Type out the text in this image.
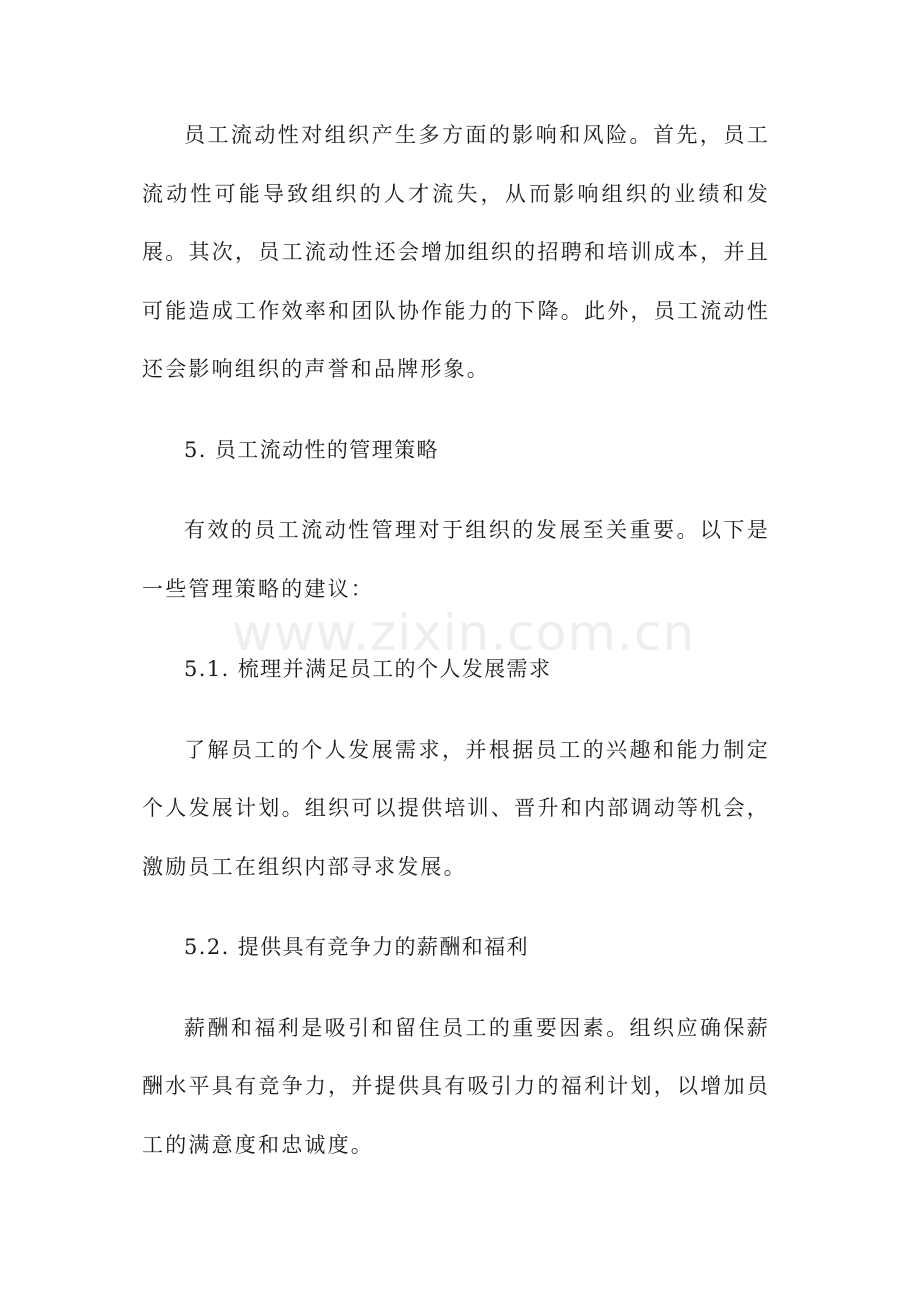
员工流动性对组织产生多方面的影响和风险。首先，员工流动性可能导致组织的人才流失，从而影响组织的业绩和发展。其次，员工流动性还会增加组织的招聘和培训成本，并且可能造成工作效率和团队协作能力的下降。此外，员工流动性还会影响组织的声誉和品牌形象。

5. 员工流动性的管理策略

有效的员工流动性管理对于组织的发展至关重要。以下是一些管理策略的建议：

5.1. 梳理并满足员工的个人发展需求

了解员工的个人发展需求，并根据员工的兴趣和能力制定个人发展计划。组织可以提供培训、晋升和内部调动等机会，激励员工在组织内部寻求发展。

5.2. 提供具有竞争力的薪酬和福利

薪酬和福利是吸引和留住员工的重要因素。组织应确保薪酬水平具有竞争力，并提供具有吸引力的福利计划，以增加员工的满意度和忠诚度。

www.zixin.com.cn
